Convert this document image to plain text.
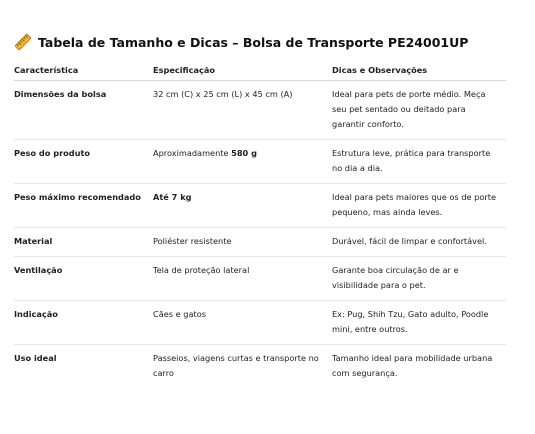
Tabela de Tamanho e Dicas – Bolsa de Transporte PE24001UP
Característica	Especificação	Dicas e Observações
Dimensões da bolsa	32 cm (C) x 25 cm (L) x 45 cm (A)	Ideal para pets de porte médio. Meça seu pet sentado ou deitado para garantir conforto.
Peso do produto	Aproximadamente 580 g	Estrutura leve, prática para transporte no dia a dia.
Peso máximo recomendado	Até 7 kg	Ideal para pets maiores que os de porte pequeno, mas ainda leves.
Material	Poliéster resistente	Durável, fácil de limpar e confortável.
Ventilação	Tela de proteção lateral	Garante boa circulação de ar e visibilidade para o pet.
Indicação	Cães e gatos	Ex: Pug, Shih Tzu, Gato adulto, Poodle mini, entre outros.
Uso ideal	Passeios, viagens curtas e transporte no carro	Tamanho ideal para mobilidade urbana com segurança.
